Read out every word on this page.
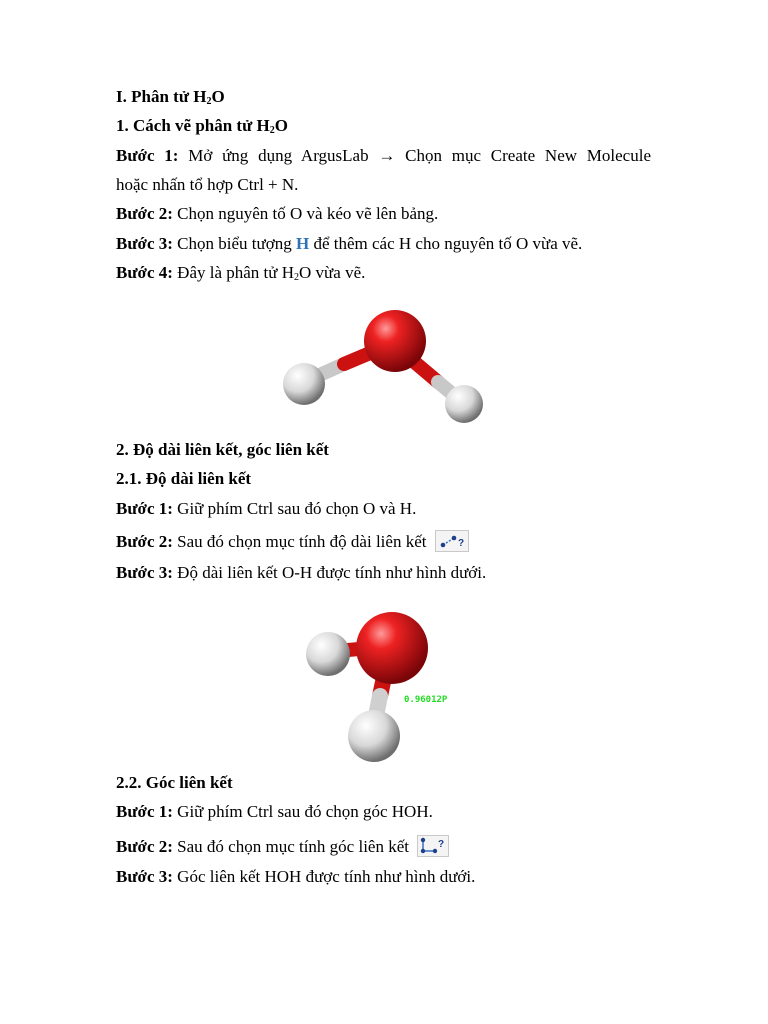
I. Phân tử $H_2O$
1. Cách vẽ phân tử $H_2O$
Bước 1: Mở ứng dụng ArgusLab → Chọn mục Create New Molecule
hoặc nhấn tổ hợp Ctrl + N.
Bước 2: Chọn nguyên tố O và kéo vẽ lên bảng.
Bước 3: Chọn biểu tượng H để thêm các H cho nguyên tố O vừa vẽ.
Bước 4: Đây là phân tử $H_2O$ vừa vẽ.
2. Độ dài liên kết, góc liên kết
2.1. Độ dài liên kết
Bước 1: Giữ phím Ctrl sau đó chọn O và H.
Bước 2: Sau đó chọn mục tính độ dài liên kết	?
Bước 3: Độ dài liên kết O-H được tính như hình dưới.
0.96012P
2.2. Góc liên kết
Bước 1: Giữ phím Ctrl sau đó chọn góc HOH.
Bước 2: Sau đó chọn mục tính góc liên kết	?
Bước 3: Góc liên kết HOH được tính như hình dưới.
